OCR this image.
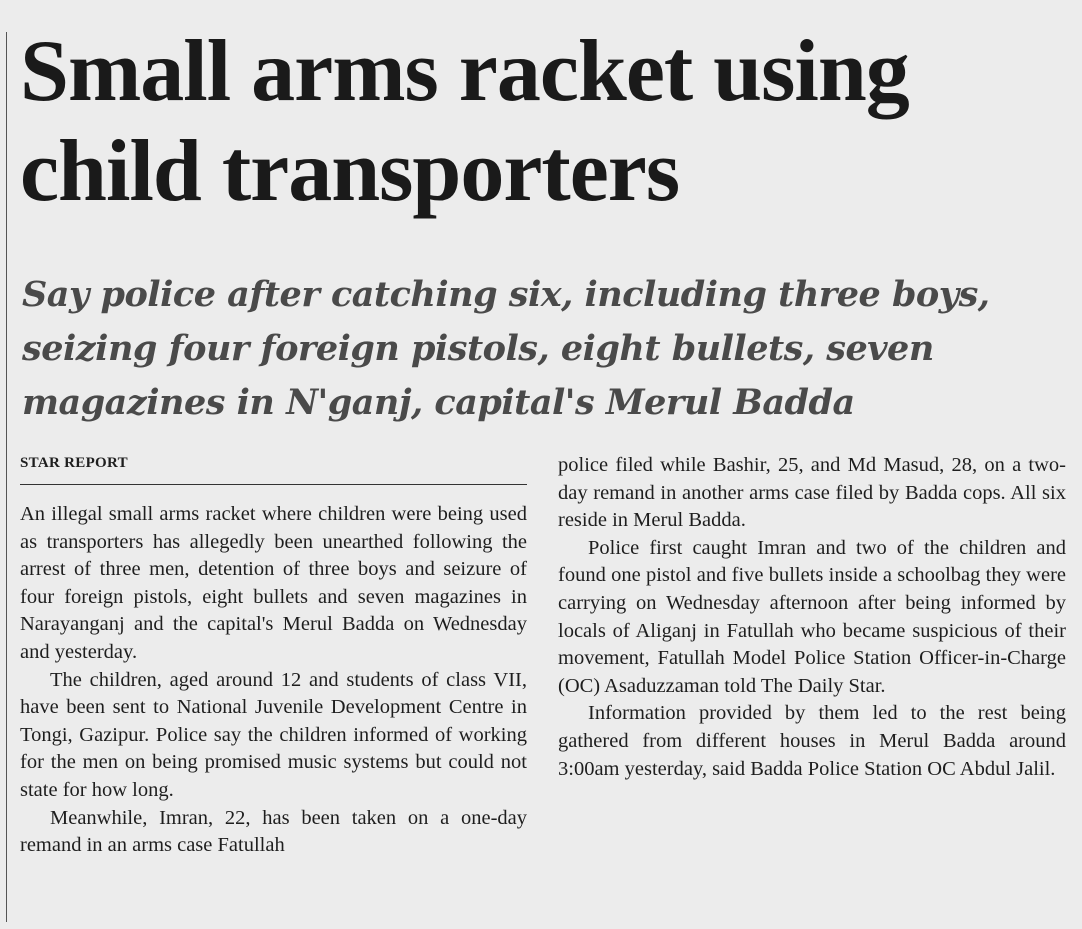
Small arms racket using child transporters
Say police after catching six, including three boys, seizing four foreign pistols, eight bullets, seven magazines in N'ganj, capital's Merul Badda
STAR REPORT

An illegal small arms racket where children were being used as transporters has allegedly been unearthed following the arrest of three men, detention of three boys and seizure of four foreign pistols, eight bullets and seven magazines in Narayanganj and the capital's Merul Badda on Wednesday and yesterday.

The children, aged around 12 and students of class VII, have been sent to National Juvenile Development Centre in Tongi, Gazipur. Police say the children informed of working for the men on being promised music systems but could not state for how long.

Meanwhile, Imran, 22, has been taken on a one-day remand in an arms case Fatullah

police filed while Bashir, 25, and Md Masud, 28, on a two-day remand in another arms case filed by Badda cops. All six reside in Merul Badda.

Police first caught Imran and two of the children and found one pistol and five bullets inside a schoolbag they were carrying on Wednesday afternoon after being informed by locals of Aliganj in Fatullah who became suspicious of their movement, Fatullah Model Police Station Officer-in-Charge (OC) Asaduzzaman told The Daily Star.

Information provided by them led to the rest being gathered from different houses in Merul Badda around 3:00am yesterday, said Badda Police Station OC Abdul Jalil.
